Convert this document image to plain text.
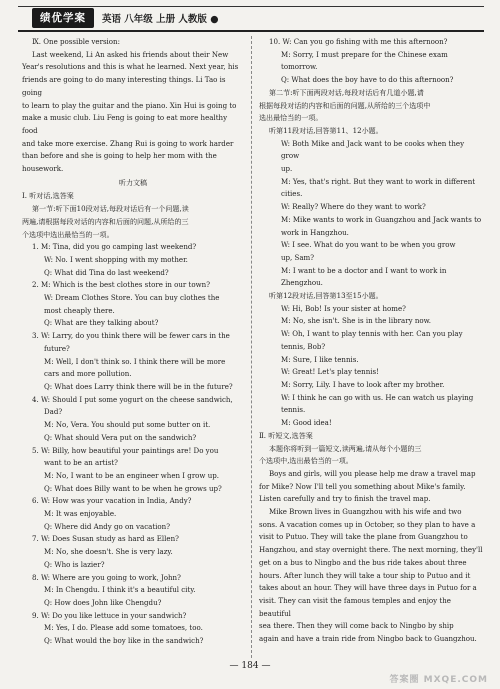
绩优学案	英语 八年级 上册 人教版 ●

Ⅸ. One possible version:

Last weekend, Li An asked his friends about their New

Year's resolutions and this is what he learned. Next year, his

friends are going to do many interesting things. Li Tao is going

to learn to play the guitar and the piano. Xin Hui is going to

make a music club. Liu Feng is going to eat more healthy food

and take more exercise. Zhang Rui is going to work harder

than before and she is going to help her mom with the

housework.

听力文稿

Ⅰ. 听对话,选答案

第一节:听下面10段对话,每段对话后有一个问题,读

两遍,请根据每段对话的内容和后面的问题,从所给的三

个选项中选出最恰当的一项。

1. M: Tina, did you go camping last weekend?

W: No. I went shopping with my mother.

Q: What did Tina do last weekend?

2. M: Which is the best clothes store in our town?

W: Dream Clothes Store. You can buy clothes the

most cheaply there.

Q: What are they talking about?

3. W: Larry, do you think there will be fewer cars in the

future?

M: Well, I don't think so. I think there will be more

cars and more pollution.

Q: What does Larry think there will be in the future?

4. W: Should I put some yogurt on the cheese sandwich,

Dad?

M: No, Vera. You should put some butter on it.

Q: What should Vera put on the sandwich?

5. W: Billy, how beautiful your paintings are! Do you

want to be an artist?

M: No, I want to be an engineer when I grow up.

Q: What does Billy want to be when he grows up?

6. W: How was your vacation in India, Andy?

M: It was enjoyable.

Q: Where did Andy go on vacation?

7. W: Does Susan study as hard as Ellen?

M: No, she doesn't. She is very lazy.

Q: Who is lazier?

8. W: Where are you going to work, John?

M: In Chengdu. I think it's a beautiful city.

Q: How does John like Chengdu?

9. W: Do you like lettuce in your sandwich?

M: Yes, I do. Please add some tomatoes, too.

Q: What would the boy like in the sandwich?

10. W: Can you go fishing with me this afternoon?

M: Sorry, I must prepare for the Chinese exam

tomorrow.

Q: What does the boy have to do this afternoon?

第二节:听下面两段对话,每段对话后有几道小题,请

根据每段对话的内容和后面的问题,从所给的三个选项中

选出最恰当的一项。

听第11段对话,回答第11、12小题。

W: Both Mike and Jack want to be cooks when they grow

up.

M: Yes, that's right. But they want to work in different

cities.

W: Really? Where do they want to work?

M: Mike wants to work in Guangzhou and Jack wants to

work in Hangzhou.

W: I see. What do you want to be when you grow

up, Sam?

M: I want to be a doctor and I want to work in

Zhengzhou.

听第12段对话,回答第13至15小题。

W: Hi, Bob! Is your sister at home?

M: No, she isn't. She is in the library now.

W: Oh, I want to play tennis with her. Can you play

tennis, Bob?

M: Sure, I like tennis.

W: Great! Let's play tennis!

M: Sorry, Lily. I have to look after my brother.

W: I think he can go with us. He can watch us playing

tennis.

M: Good idea!

Ⅱ. 听短文,选答案

本题你将听到一篇短文,读两遍,请从每个小题的三

个选项中,选出最恰当的一项。

Boys and girls, will you please help me draw a travel map

for Mike? Now I'll tell you something about Mike's family.

Listen carefully and try to finish the travel map.

Mike Brown lives in Guangzhou with his wife and two

sons. A vacation comes up in October, so they plan to have a

visit to Putuo. They will take the plane from Guangzhou to

Hangzhou, and stay overnight there. The next morning, they'll

get on a bus to Ningbo and the bus ride takes about three

hours. After lunch they will take a tour ship to Putuo and it

takes about an hour. They will have three days in Putuo for a

visit. They can visit the famous temples and enjoy the beautiful

sea there. Then they will come back to Ningbo by ship

again and have a train ride from Ningbo back to Guangzhou.

— 184 —
答案圈 MXQE.COM
